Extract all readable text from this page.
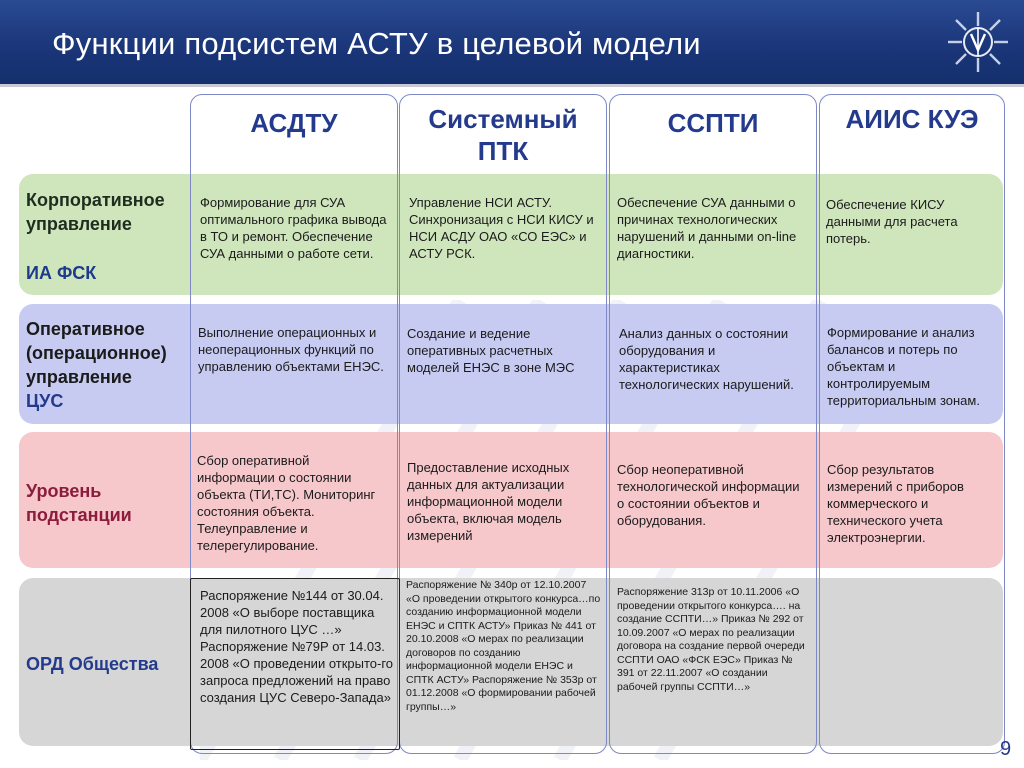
Функции подсистем АСТУ в целевой модели
АСДТУ	Системный ПТК
ССПТИ	АИИС КУЭ
Корпоративное управление
ИА ФСК
Оперативное (операционное) управление
ЦУС
Уровень подстанции
ОРД Общества
Формирование для СУА оптимального графика вывода в ТО и ремонт. Обеспечение СУА данными о работе сети.
Управление НСИ АСТУ. Синхронизация с НСИ КИСУ и НСИ АСДУ ОАО «СО ЕЭС» и АСТУ РСК.
Обеспечение СУА данными о причинах технологических нарушений и данными on-line диагностики.
Обеспечение КИСУ данными для расчета потерь.
Выполнение операционных и неоперационных функций по управлению объектами ЕНЭС.
Создание и ведение оперативных расчетных моделей ЕНЭС в зоне МЭС
Анализ данных о состоянии оборудования и характеристиках технологических нарушений.
Формирование и анализ балансов и потерь по объектам и контролируемым территориальным зонам.
Сбор оперативной информации о состоянии объекта (ТИ,ТС). Мониторинг состояния объекта. Телеуправление и телерегулирование.
Предоставление исходных данных для актуализации информационной модели объекта, включая модель измерений
Сбор неоперативной технологической информации о состоянии объектов и оборудования.
Сбор результатов измерений с приборов коммерческого и технического учета электроэнергии.
Распоряжение №144 от 30.04. 2008 «О выборе поставщика для пилотного ЦУС …» Распоряжение №79Р от 14.03. 2008 «О проведении открыто-го запроса предложений на право создания ЦУС Северо-Запада»
Распоряжение № 340р от 12.10.2007 «О проведении открытого конкурса…по созданию информационной модели ЕНЭС и СПТК АСТУ» Приказ № 441 от 20.10.2008 «О мерах по реализации договоров по созданию информационной модели ЕНЭС и СПТК АСТУ» Распоряжение № 353р от 01.12.2008 «О формировании рабочей группы…»
Распоряжение 313р от 10.11.2006 «О проведении открытого конкурса…. на создание ССПТИ…» Приказ № 292 от 10.09.2007 «О мерах по реализации договора на создание первой очереди ССПТИ ОАО «ФСК ЕЭС» Приказ № 391 от 22.11.2007 «О создании рабочей группы ССПТИ…»
9
